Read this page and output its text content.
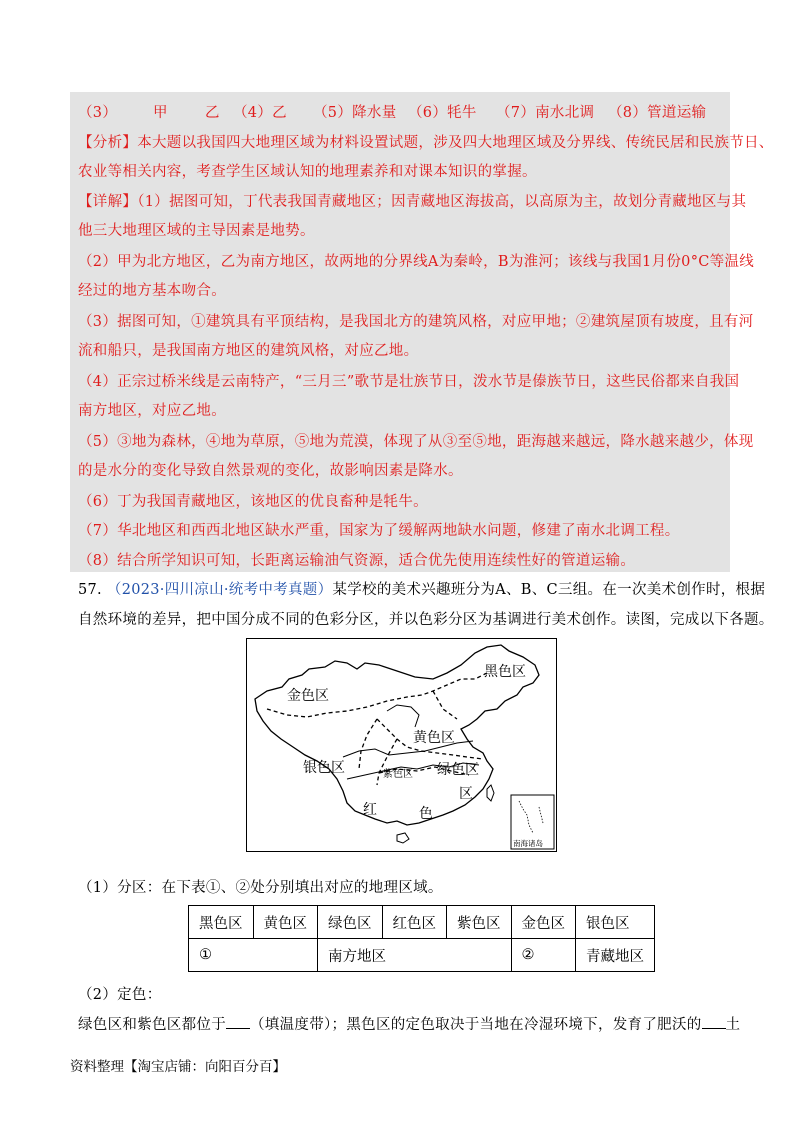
（3） 甲	乙 （4）乙 （5）降水量 （6）牦牛 （7）南水北调 （8）管道运输
【分析】本大题以我国四大地理区域为材料设置试题，涉及四大地理区域及分界线、传统民居和民族节日、
农业等相关内容，考查学生区域认知的地理素养和对课本知识的掌握。
【详解】（1）据图可知，丁代表我国青藏地区；因青藏地区海拔高，以高原为主，故划分青藏地区与其
他三大地理区域的主导因素是地势。
（2）甲为北方地区，乙为南方地区，故两地的分界线A为秦岭，B为淮河；该线与我国1月份0°C等温线
经过的地方基本吻合。
（3）据图可知，①建筑具有平顶结构，是我国北方的建筑风格，对应甲地；②建筑屋顶有坡度，且有河
流和船只，是我国南方地区的建筑风格，对应乙地。
（4）正宗过桥米线是云南特产，“三月三”歌节是壮族节日，泼水节是傣族节日，这些民俗都来自我国
南方地区，对应乙地。
（5）③地为森林，④地为草原，⑤地为荒漠，体现了从③至⑤地，距海越来越远，降水越来越少，体现
的是水分的变化导致自然景观的变化，故影响因素是降水。
（6）丁为我国青藏地区，该地区的优良畜种是牦牛。
（7）华北地区和西西北地区缺水严重，国家为了缓解两地缺水问题，修建了南水北调工程。
（8）结合所学知识可知，长距离运输油气资源，适合优先使用连续性好的管道运输。
57. （2023·四川凉山·统考中考真题）某学校的美术兴趣班分为A、B、C三组。在一次美术创作时，根据
自然环境的差异，把中国分成不同的色彩分区，并以色彩分区为基调进行美术创作。读图，完成以下各题。
黑色区
金色区
黄色区
银色区	紫色区 绿色区
区
红	色
南海诸岛
（1）分区：在下表①、②处分别填出对应的地理区域。
黑色区	黄色区	绿色区	红色区	紫色区	金色区	银色区
①		南方地区			②	青藏地区
（2）定色：
绿色区和紫色区都位于 （填温度带）；黑色区的定色取决于当地在冷湿环境下，发育了肥沃的 土
资料整理【淘宝店铺：向阳百分百】
